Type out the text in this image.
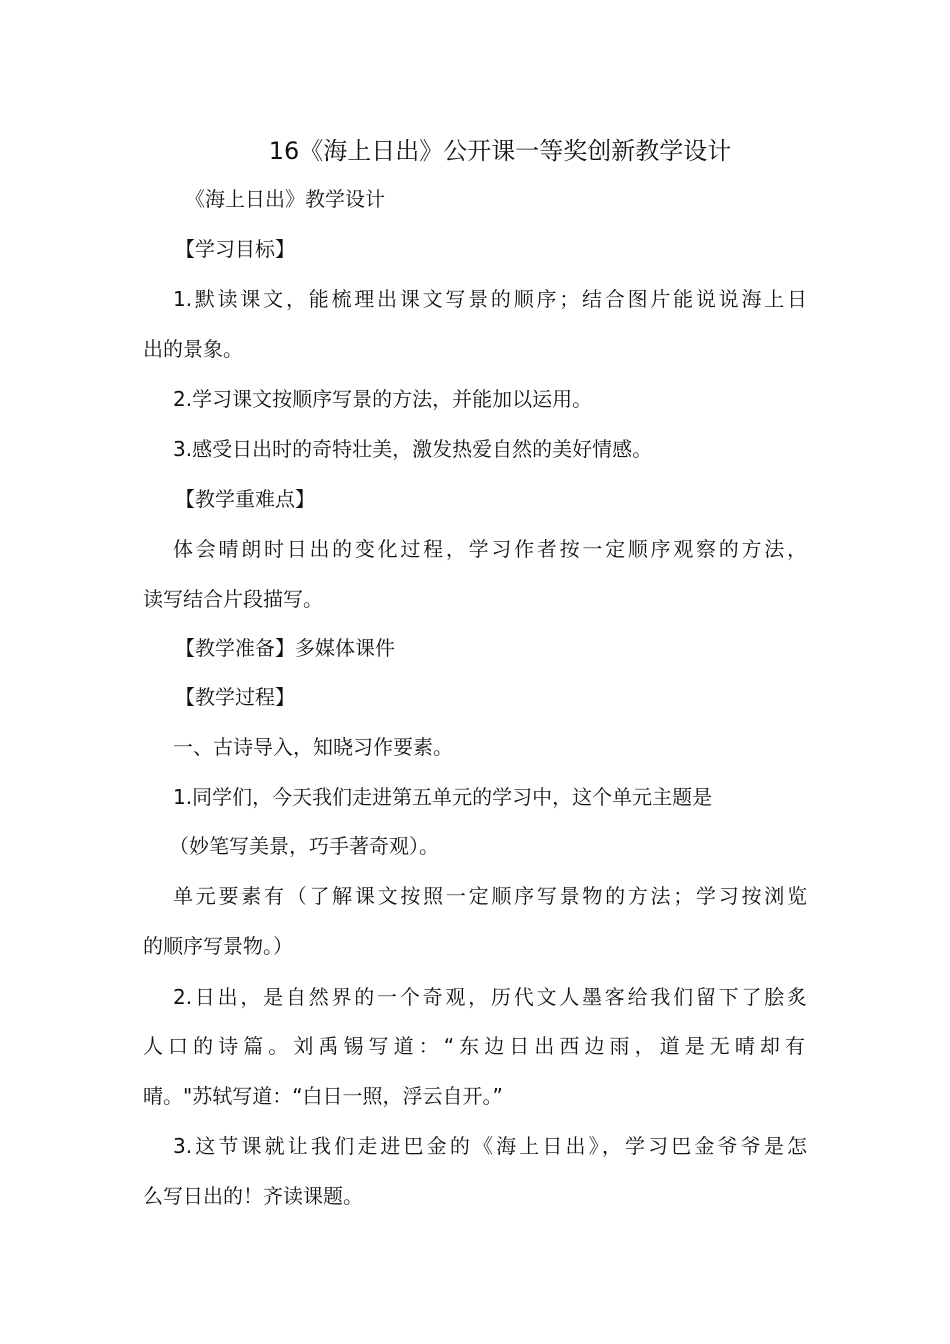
16《海上日出》公开课一等奖创新教学设计
《海上日出》教学设计
【学习目标】
1.默读课文，能梳理出课文写景的顺序；结合图片能说说海上日
出的景象。
2.学习课文按顺序写景的方法，并能加以运用。
3.感受日出时的奇特壮美，激发热爱自然的美好情感。
【教学重难点】
体会晴朗时日出的变化过程，学习作者按一定顺序观察的方法，
读写结合片段描写。
【教学准备】多媒体课件
【教学过程】
一、古诗导入，知晓习作要素。
1.同学们，今天我们走进第五单元的学习中，这个单元主题是
（妙笔写美景，巧手著奇观）。
单元要素有（了解课文按照一定顺序写景物的方法；学习按浏览
的顺序写景物。）
2.日出，是自然界的一个奇观，历代文人墨客给我们留下了脍炙
人口的诗篇。刘禹锡写道：“东边日出西边雨，道是无晴却有
晴。"苏轼写道：“白日一照，浮云自开。”
3.这节课就让我们走进巴金的《海上日出》，学习巴金爷爷是怎
么写日出的！齐读课题。
